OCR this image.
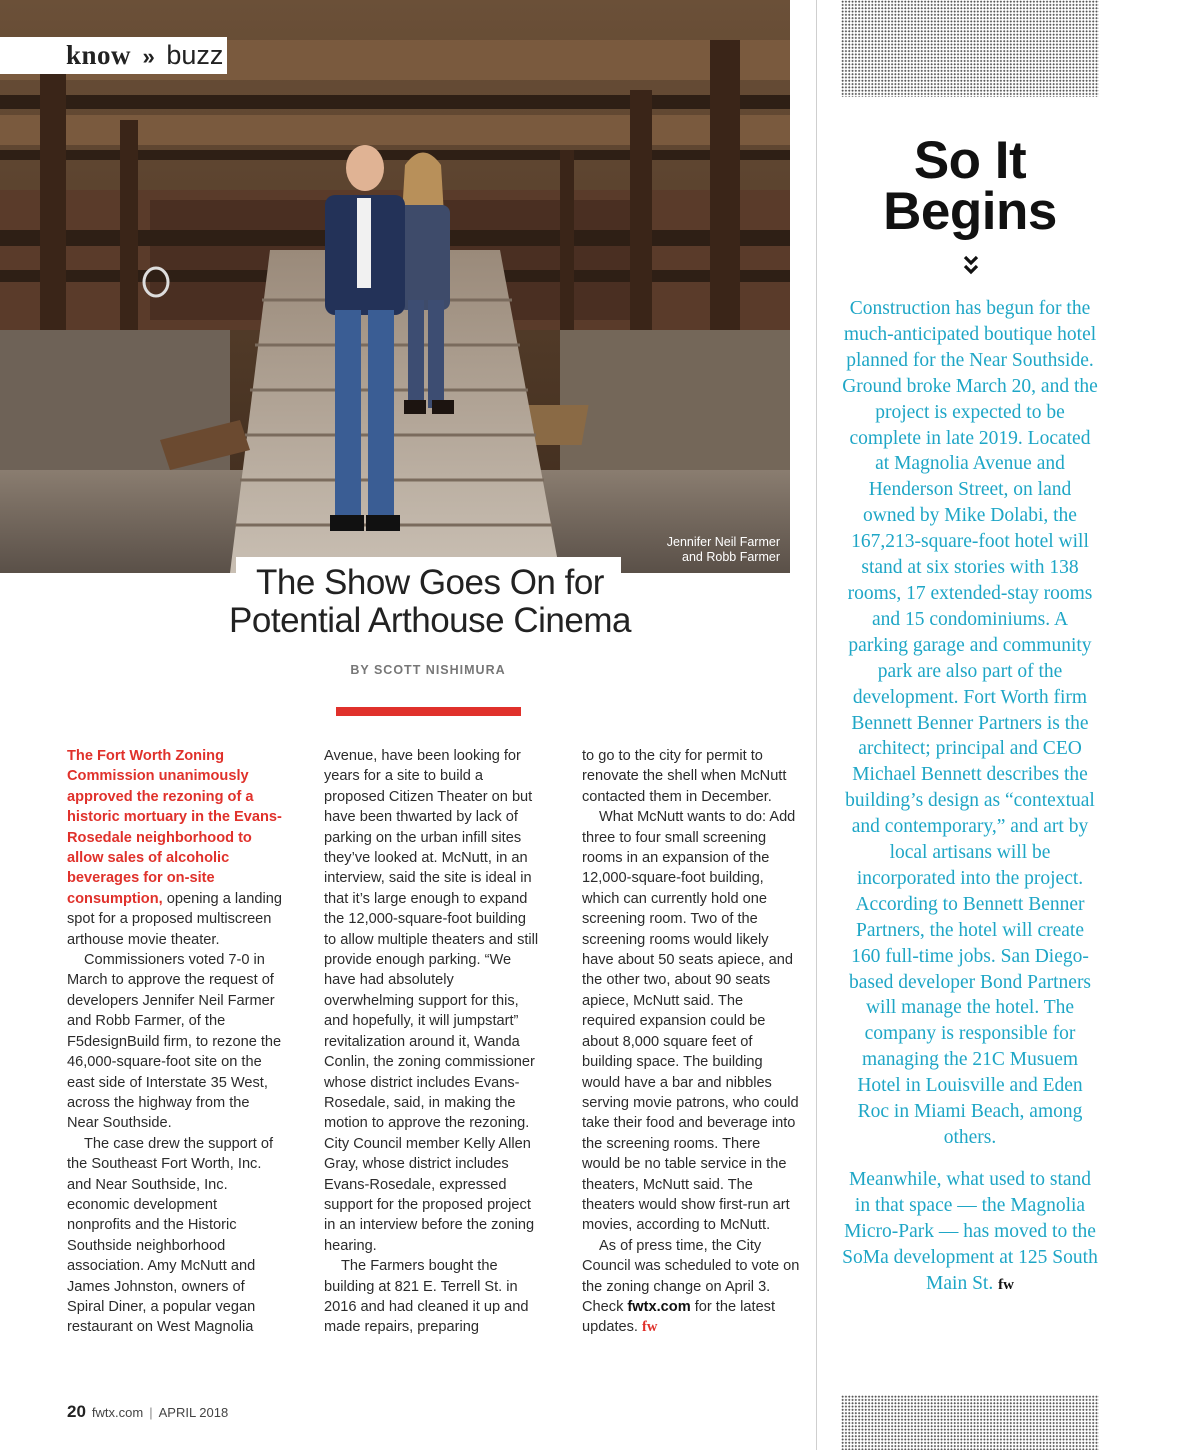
Jennifer Neil Farmer
and Robb Farmer
know » buzz
The Show Goes On for
Potential Arthouse Cinema
BY SCOTT NISHIMURA

The Fort Worth Zoning Commission unanimously approved the rezoning of a historic mortuary in the Evans-Rosedale neighborhood to allow sales of alcoholic beverages for on-site consumption, opening a landing spot for a proposed multiscreen arthouse movie theater.

Commissioners voted 7-0 in March to approve the request of developers Jennifer Neil Farmer and Robb Farmer, of the F5designBuild firm, to rezone the 46,000-square-foot site on the east side of Interstate 35 West, across the highway from the Near Southside.

The case drew the support of the Southeast Fort Worth, Inc. and Near Southside, Inc. economic development nonprofits and the Historic Southside neighborhood association. Amy McNutt and James Johnston, owners of Spiral Diner, a popular vegan restaurant on West Magnolia

Avenue, have been looking for years for a site to build a proposed Citizen Theater on but have been thwarted by lack of parking on the urban infill sites they’ve looked at. McNutt, in an interview, said the site is ideal in that it’s large enough to expand the 12,000-square-foot building to allow multiple theaters and still provide enough parking. “We have had absolutely overwhelming support for this, and hopefully, it will jumpstart” revitalization around it, Wanda Conlin, the zoning commissioner whose district includes Evans-Rosedale, said, in making the motion to approve the rezoning. City Council member Kelly Allen Gray, whose district includes Evans-Rosedale, expressed support for the proposed project in an interview before the zoning hearing.

The Farmers bought the building at 821 E. Terrell St. in 2016 and had cleaned it up and made repairs, preparing

to go to the city for permit to renovate the shell when McNutt contacted them in December.

What McNutt wants to do: Add three to four small screening rooms in an expansion of the 12,000-square-foot building, which can currently hold one screening room. Two of the screening rooms would likely have about 50 seats apiece, and the other two, about 90 seats apiece, McNutt said. The required expansion could be about 8,000 square feet of building space. The building would have a bar and nibbles serving movie patrons, who could take their food and beverage into the screening rooms. There would be no table service in the theaters, McNutt said. The theaters would show first-run art movies, according to McNutt.

As of press time, the City Council was scheduled to vote on the zoning change on April 3. Check fwtx.com for the latest updates. fw

20 fwtx.com | APRIL 2018
So It
Begins

Construction has begun for the much-anticipated boutique hotel planned for the Near Southside. Ground broke March 20, and the project is expected to be complete in late 2019. Located at Magnolia Avenue and Henderson Street, on land owned by Mike Dolabi, the 167,213-square-foot hotel will stand at six stories with 138 rooms, 17 extended-stay rooms and 15 condominiums. A parking garage and community park are also part of the development. Fort Worth firm Bennett Benner Partners is the architect; principal and CEO Michael Bennett describes the building’s design as “contextual and contemporary,” and art by local artisans will be incorporated into the project. According to Bennett Benner Partners, the hotel will create 160 full-time jobs. San Diego-based developer Bond Partners will manage the hotel. The company is responsible for managing the 21C Musuem Hotel in Louisville and Eden Roc in Miami Beach, among others.

Meanwhile, what used to stand in that space — the Magnolia Micro-Park — has moved to the SoMa development at 125 South Main St. fw
